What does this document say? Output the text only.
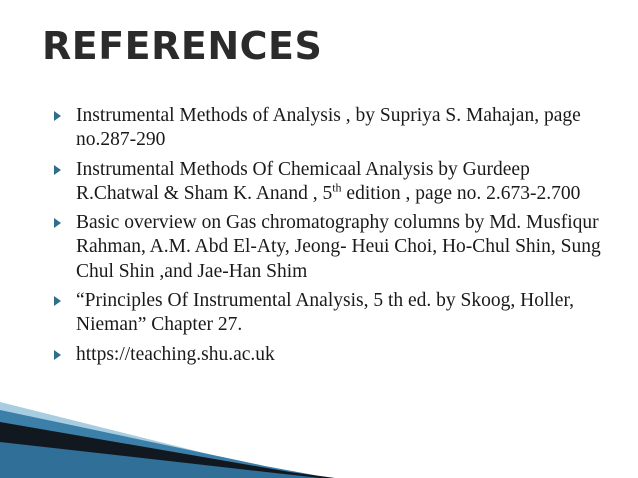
REFERENCES
Instrumental Methods of Analysis , by Supriya S. Mahajan, page no.287-290
Instrumental Methods Of Chemicaal Analysis by Gurdeep R.Chatwal & Sham K. Anand , 5th edition , page no. 2.673-2.700
Basic overview on Gas chromatography columns by Md. Musfiqur Rahman, A.M. Abd El-Aty, Jeong- Heui Choi, Ho-Chul Shin, Sung Chul Shin ,and Jae-Han Shim
“Principles Of Instrumental Analysis, 5 th ed. by Skoog, Holler, Nieman” Chapter 27.
https://teaching.shu.ac.uk
